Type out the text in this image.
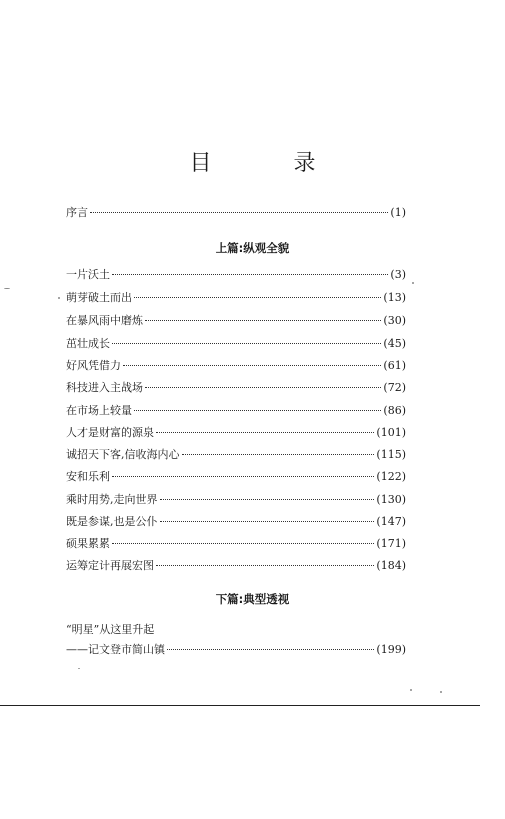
目　录
序言	(1)
上篇:纵观全貌
一片沃土	(3)
萌芽破土而出	(13)
在暴风雨中磨炼	(30)
茁壮成长	(45)
好风凭借力	(61)
科技进入主战场	(72)
在市场上较量	(86)
人才是财富的源泉	(101)
诚招天下客,信收海内心	(115)
安和乐利	(122)
乘时用势,走向世界	(130)
既是参谋,也是公仆	(147)
硕果累累	(171)
运筹定计再展宏图	(184)
下篇:典型透视
“明星”从这里升起
——记文登市简山镇	(199)
